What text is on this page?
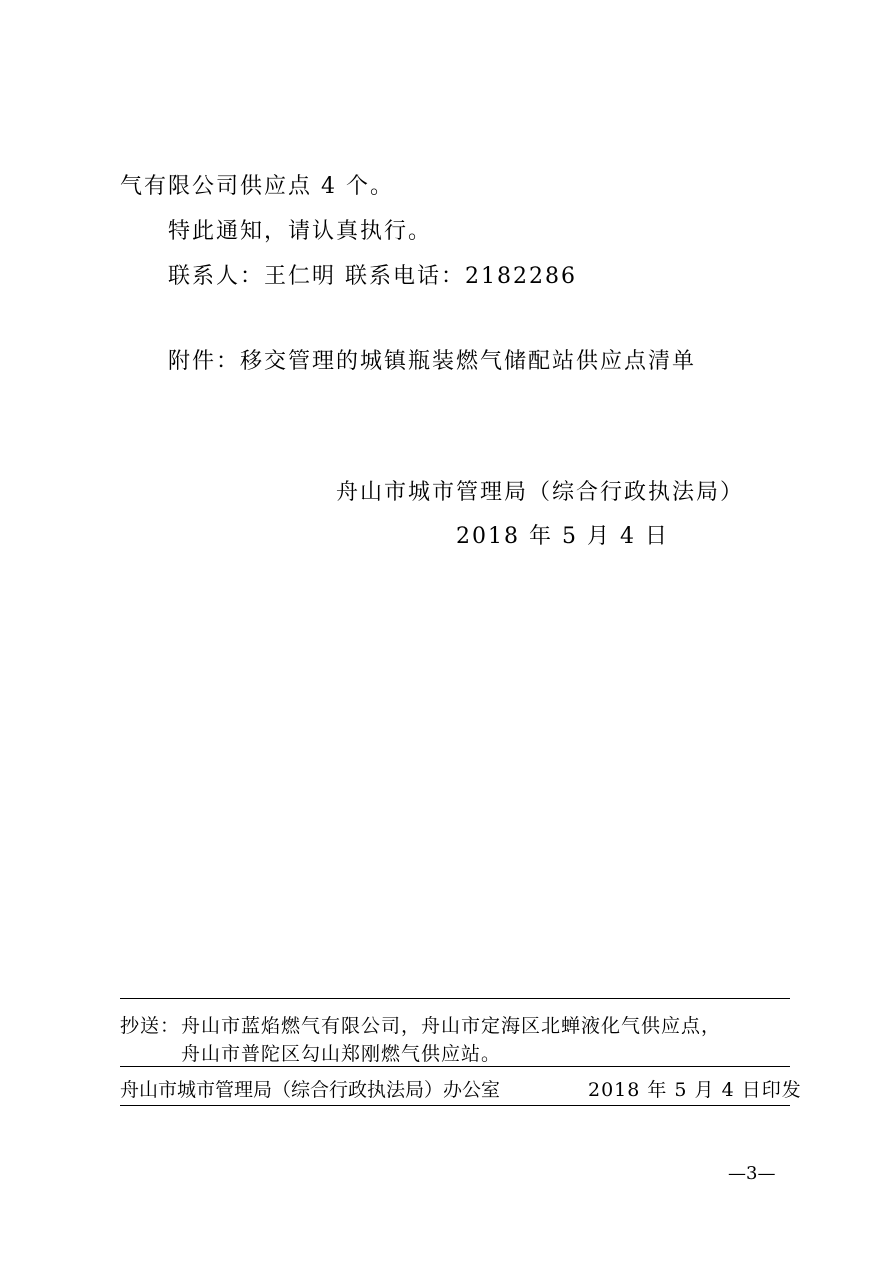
气有限公司供应点 4 个。
特此通知，请认真执行。
联系人：王仁明 联系电话：2182286
附件：移交管理的城镇瓶装燃气储配站供应点清单
舟山市城市管理局（综合行政执法局）
2018 年 5 月 4 日
抄送： 舟山市蓝焰燃气有限公司，舟山市定海区北蝉液化气供应点，
舟山市普陀区勾山郑刚燃气供应站。
舟山市城市管理局（综合行政执法局）办公室	2018 年 5 月 4 日印发
—3—
